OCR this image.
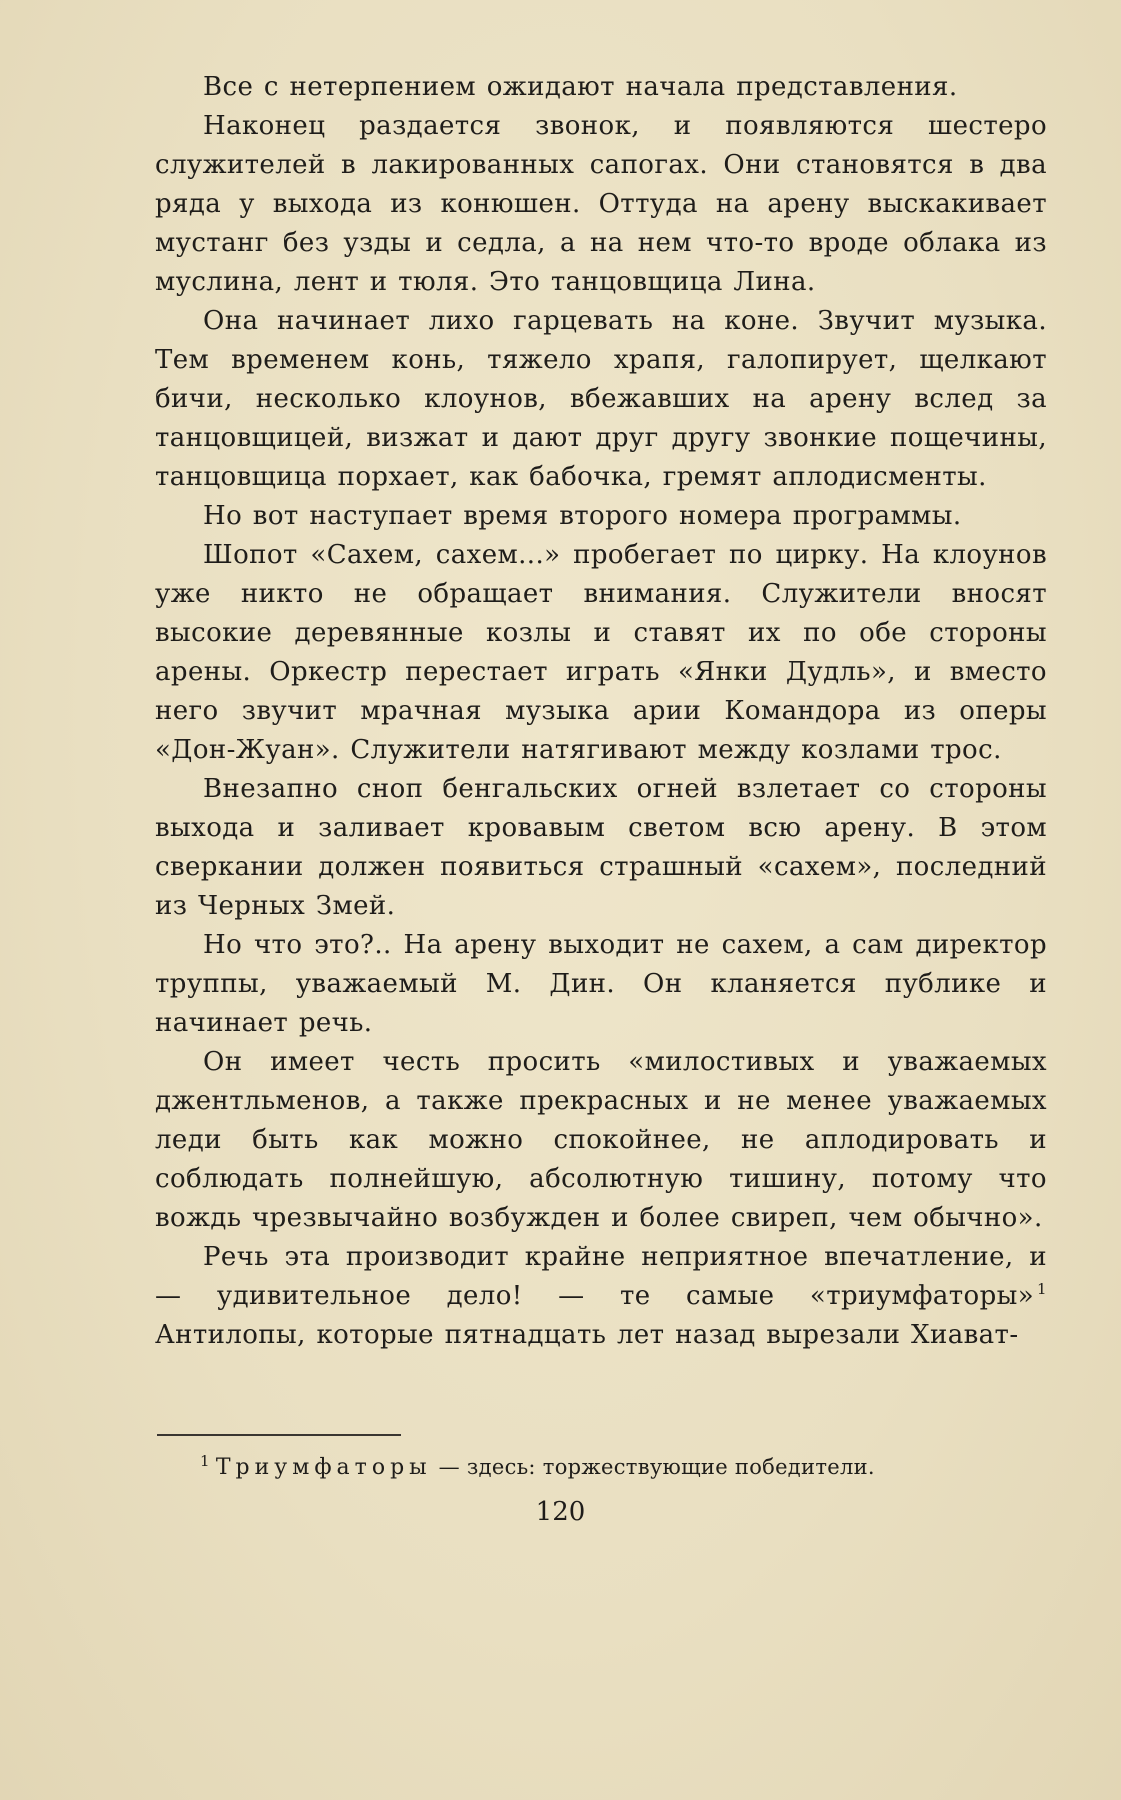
Все с нетерпением ожидают начала представления.

Наконец раздается звонок, и появляются шестеро служителей в лакированных сапогах. Они становятся в два ряда у выхода из конюшен. Оттуда на арену выскакивает мустанг без узды и седла, а на нем что-то вроде облака из муслина, лент и тюля. Это танцовщица Лина.

Она начинает лихо гарцевать на коне. Звучит музыка. Тем временем конь, тяжело храпя, галопирует, щелкают бичи, несколько клоунов, вбежавших на арену вслед за танцовщицей, визжат и дают друг другу звонкие пощечины, танцовщица порхает, как бабочка, гремят аплодисменты.

Но вот наступает время второго номера программы.

Шопот «Сахем, сахем...» пробегает по цирку. На клоунов уже никто не обращает внимания. Служители вносят высокие деревянные козлы и ставят их по обе стороны арены. Оркестр перестает играть «Янки Дудль», и вместо него звучит мрачная музыка арии Командора из оперы «Дон-Жуан». Служители натягивают между козлами трос.

Внезапно сноп бенгальских огней взлетает со стороны выхода и заливает кровавым светом всю арену. В этом сверкании должен появиться страшный «сахем», последний из Черных Змей.

Но что это?.. На арену выходит не сахем, а сам директор труппы, уважаемый М. Дин. Он кланяется публике и начинает речь.

Он имеет честь просить «милостивых и уважаемых джентльменов, а также прекрасных и не менее уважаемых леди быть как можно спокойнее, не аплодировать и соблюдать полнейшую, абсолютную тишину, потому что вождь чрезвычайно возбужден и более свиреп, чем обычно».

Речь эта производит крайне неприятное впечатление, и — удивительное дело! — те самые «триумфаторы» $^1$ Антилопы, которые пятнадцать лет назад вырезали Хиават-

$^1$ Триумфаторы — здесь: торжествующие победители.
120
